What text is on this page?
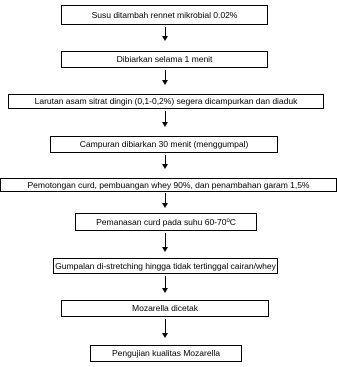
Susu ditambah rennet mikrobial 0.02%
Dibiarkan selama 1 menit
Larutan asam sitrat dingin (0,1-0,2%) segera dicampurkan dan diaduk
Campuran dibiarkan 30 menit (menggumpal)
Pemotongan curd, pembuangan whey 90%, dan penambahan garam 1,5%
Pemanasan curd pada suhu 60-70$^o$C
Gumpalan di-stretching hingga tidak tertinggal cairan/whey
Mozarella dicetak
Pengujian kualitas Mozarella
